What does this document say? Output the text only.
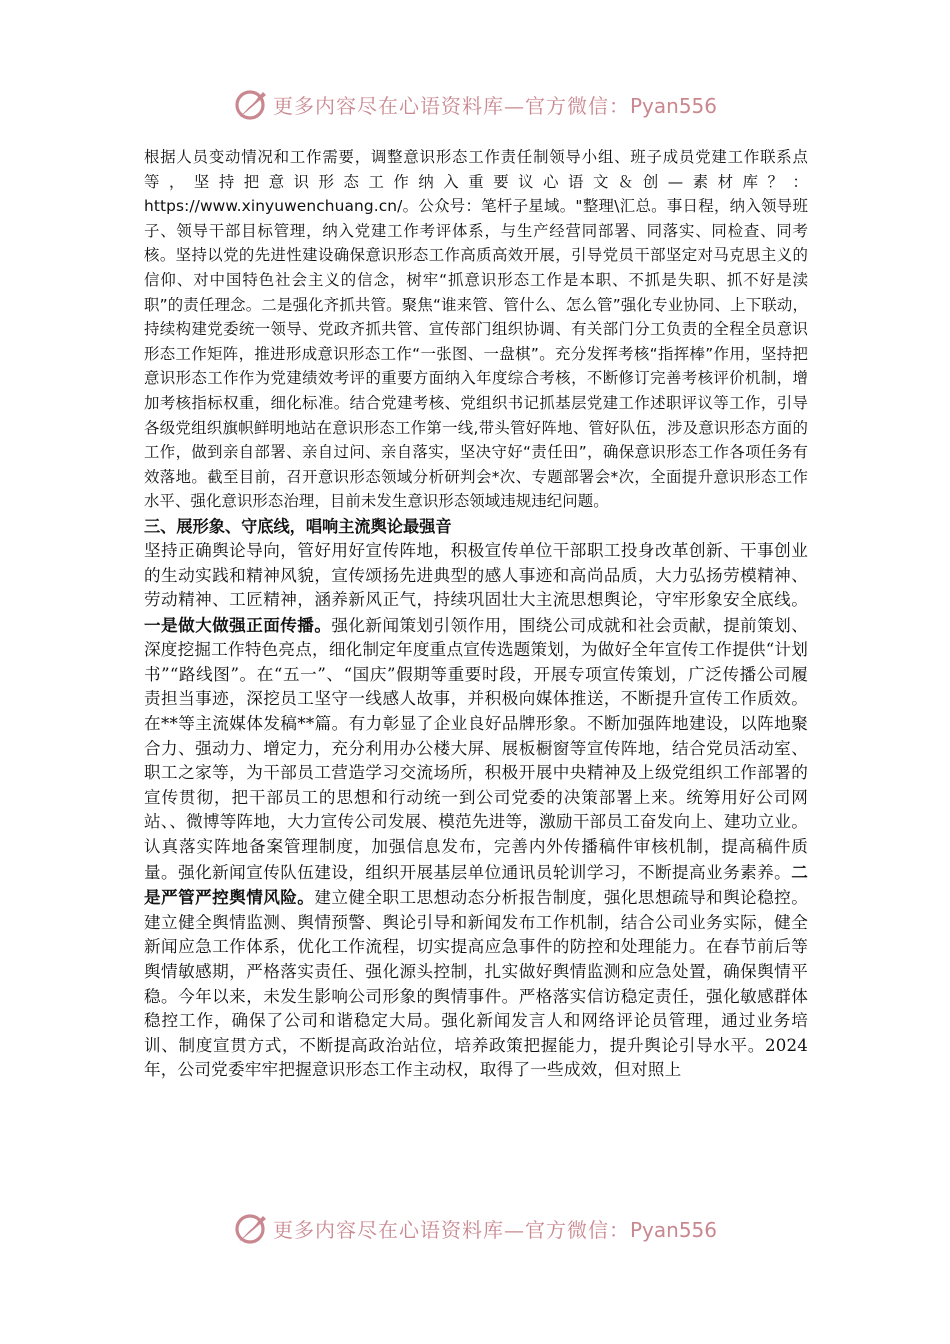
更多内容尽在心语资料库—官方微信：Pyan556

根据人员变动情况和工作需要，调整意识形态工作责任制领导小组、班子成员党建工作联系点等，坚持把意识形态工作纳入重要议心语文＆创—素材库？：https://www.xinyuwenchuang.cn/。公众号：笔杆子星域。"整理\汇总。事日程，纳入领导班子、领导干部目标管理，纳入党建工作考评体系，与生产经营同部署、同落实、同检查、同考核。坚持以党的先进性建设确保意识形态工作高质高效开展，引导党员干部坚定对马克思主义的信仰、对中国特色社会主义的信念，树牢“抓意识形态工作是本职、不抓是失职、抓不好是渎职”的责任理念。二是强化齐抓共管。聚焦“谁来管、管什么、怎么管”强化专业协同、上下联动，持续构建党委统一领导、党政齐抓共管、宣传部门组织协调、有关部门分工负责的全程全员意识形态工作矩阵，推进形成意识形态工作“一张图、一盘棋”。充分发挥考核“指挥棒”作用，坚持把意识形态工作作为党建绩效考评的重要方面纳入年度综合考核，不断修订完善考核评价机制，增加考核指标权重，细化标准。结合党建考核、党组织书记抓基层党建工作述职评议等工作，引导各级党组织旗帜鲜明地站在意识形态工作第一线,带头管好阵地、管好队伍，涉及意识形态方面的工作，做到亲自部署、亲自过问、亲自落实，坚决守好“责任田”，确保意识形态工作各项任务有效落地。截至目前，召开意识形态领域分析研判会*次、专题部署会*次，全面提升意识形态工作水平、强化意识形态治理，目前未发生意识形态领域违规违纪问题。

三、展形象、守底线，唱响主流舆论最强音

坚持正确舆论导向，管好用好宣传阵地，积极宣传单位干部职工投身改革创新、干事创业的生动实践和精神风貌，宣传颂扬先进典型的感人事迹和高尚品质，大力弘扬劳模精神、劳动精神、工匠精神，涵养新风正气，持续巩固壮大主流思想舆论，守牢形象安全底线。一是做大做强正面传播。强化新闻策划引领作用，围绕公司成就和社会贡献，提前策划、深度挖掘工作特色亮点，细化制定年度重点宣传选题策划，为做好全年宣传工作提供“计划书”“路线图”。在“五一”、“国庆”假期等重要时段，开展专项宣传策划，广泛传播公司履责担当事迹，深挖员工坚守一线感人故事，并积极向媒体推送，不断提升宣传工作质效。在**等主流媒体发稿**篇。有力彰显了企业良好品牌形象。不断加强阵地建设，以阵地聚合力、强动力、增定力，充分利用办公楼大屏、展板橱窗等宣传阵地，结合党员活动室、职工之家等，为干部员工营造学习交流场所，积极开展中央精神及上级党组织工作部署的宣传贯彻，把干部员工的思想和行动统一到公司党委的决策部署上来。统筹用好公司网站、、微博等阵地，大力宣传公司发展、模范先进等，激励干部员工奋发向上、建功立业。认真落实阵地备案管理制度，加强信息发布，完善内外传播稿件审核机制，提高稿件质量。强化新闻宣传队伍建设，组织开展基层单位通讯员轮训学习，不断提高业务素养。二是严管严控舆情风险。建立健全职工思想动态分析报告制度，强化思想疏导和舆论稳控。建立健全舆情监测、舆情预警、舆论引导和新闻发布工作机制，结合公司业务实际，健全新闻应急工作体系，优化工作流程，切实提高应急事件的防控和处理能力。在春节前后等舆情敏感期，严格落实责任、强化源头控制，扎实做好舆情监测和应急处置，确保舆情平稳。今年以来，未发生影响公司形象的舆情事件。严格落实信访稳定责任，强化敏感群体稳控工作，确保了公司和谐稳定大局。强化新闻发言人和网络评论员管理，通过业务培训、制度宣贯方式，不断提高政治站位，培养政策把握能力，提升舆论引导水平。2024年，公司党委牢牢把握意识形态工作主动权，取得了一些成效，但对照上

更多内容尽在心语资料库—官方微信：Pyan556
